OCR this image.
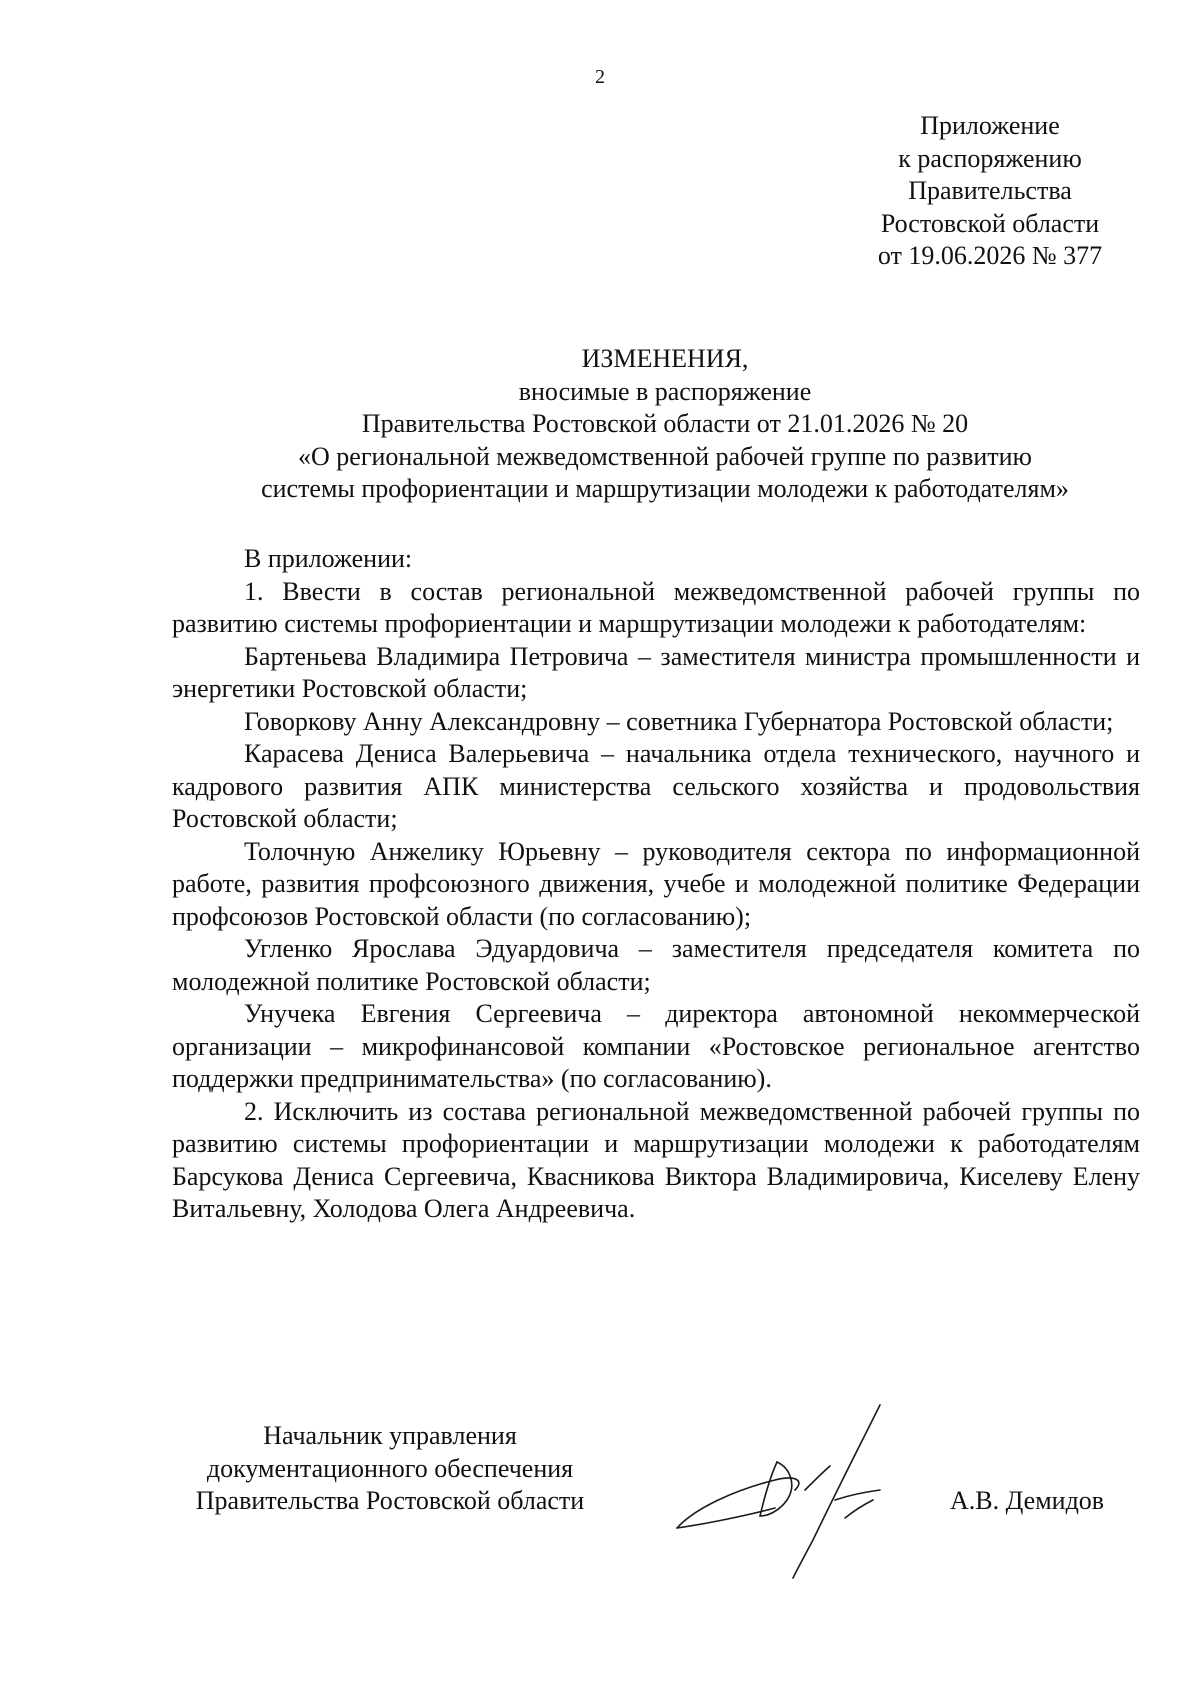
2
Приложение
к распоряжению
Правительства
Ростовской области
от 19.06.2026 № 377
ИЗМЕНЕНИЯ,
вносимые в распоряжение
Правительства Ростовской области от 21.01.2026 № 20
«О региональной межведомственной рабочей группе по развитию
системы профориентации и маршрутизации молодежи к работодателям»

В приложении:

1. Ввести в состав региональной межведомственной рабочей группы по развитию системы профориентации и маршрутизации молодежи к работодателям:

Бартеньева Владимира Петровича – заместителя министра промышленности и энергетики Ростовской области;

Говоркову Анну Александровну – советника Губернатора Ростовской области;

Карасева Дениса Валерьевича – начальника отдела технического, научного и кадрового развития АПК министерства сельского хозяйства и продовольствия Ростовской области;

Толочную Анжелику Юрьевну – руководителя сектора по информационной работе, развития профсоюзного движения, учебе и молодежной политике Федерации профсоюзов Ростовской области (по согласованию);

Угленко Ярослава Эдуардовича – заместителя председателя комитета по молодежной политике Ростовской области;

Унучека Евгения Сергеевича – директора автономной некоммерческой организации – микрофинансовой компании «Ростовское региональное агентство поддержки предпринимательства» (по согласованию).

2. Исключить из состава региональной межведомственной рабочей группы по развитию системы профориентации и маршрутизации молодежи к работодателям Барсукова Дениса Сергеевича, Квасникова Виктора Владимировича, Киселеву Елену Витальевну, Холодова Олега Андреевича.

Начальник управления
документационного обеспечения
Правительства Ростовской области	А.В. Демидов
